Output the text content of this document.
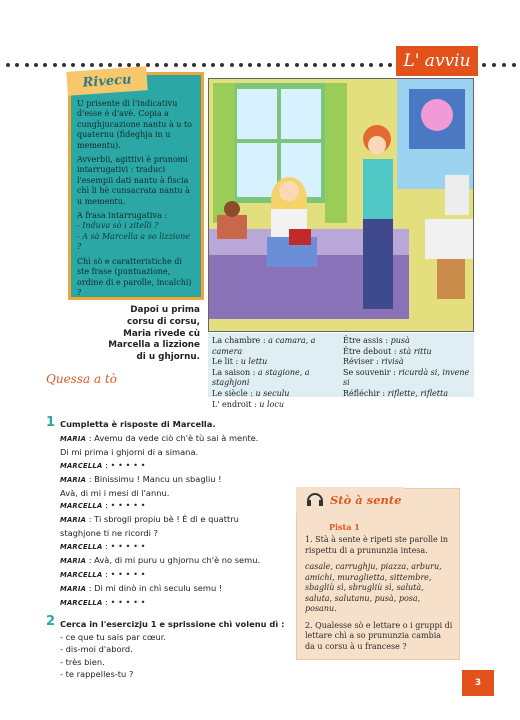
L' avviu
Rivecu

U prisente di l'indicativu d'esse è d'avè. Copia a cunghjucazione nantu à u to quaternu (fideghja in u mementu).

Avverbii, agittivi è prunomi intarrugativi : traduci l'esempii dati nantu à fiscia chì li hè cunsacrata nantu à u mementu.

A frasa intarrugativa :
- Induva sò i zitelli ?
- A sà Marcella a so lizzione ?

Chì sò e caratteristiche di ste frase (puntuazione, ordine di e parolle, incalchi) ?

Dapoi u prima corsu di corsu, Maria rivede cù Marcella a lizzione di u ghjornu.
La chambre : a camara, a camera
Le lit : u lettu
La saison : a stagione, a staghjoni
Le siècle : u seculu
L' endroit : u locu
Être assis : pusà
Être debout : stà rittu
Réviser : rivisà
Se souvenir : ricurdà si, invene si
Réfléchir : riflette, rifletta
Quessa a tò
1 Cumpletta è risposte di Marcella.
MARIA : Avemu da vede ciò ch'è tù sai à mente.
Di mi prima i ghjorni di a simana.
MARCELLA : • • • • •
MARIA : Binissimu ! Mancu un sbagliu !
Avà, di mi i mesi di l'annu.
MARCELLA : • • • • •
MARIA : Ti sbrogli propiu bè ! È di e quattru
staghjone ti ne ricordi ?
MARCELLA : • • • • •
MARIA : Avà, di mi puru u ghjornu ch'è no semu.
MARCELLA : • • • • •
MARIA : Di mi dinò in chì seculu semu !
MARCELLA : • • • • •
2 Cerca in l'esercizju 1 e sprissione chì volenu dì :
- ce que tu sais par cœur.
- dis-moi d'abord.
- très bien.
- te rappelles-tu ?
Stò à sente
Pista 1

1. Stà à sente è ripeti ste parolle in rispettu di a prununzia intesa.

casale, carrughju, piazza, arburu, amichi, muraglietta, sittembre, sbagliù sì, sbrugliù sì, salutà, saluta, salutanu, pusà, posa, posanu.

2. Qualesse sò e lettare o i gruppi di lettare chì a so prununzia cambia da u corsu à u francese ?

3
